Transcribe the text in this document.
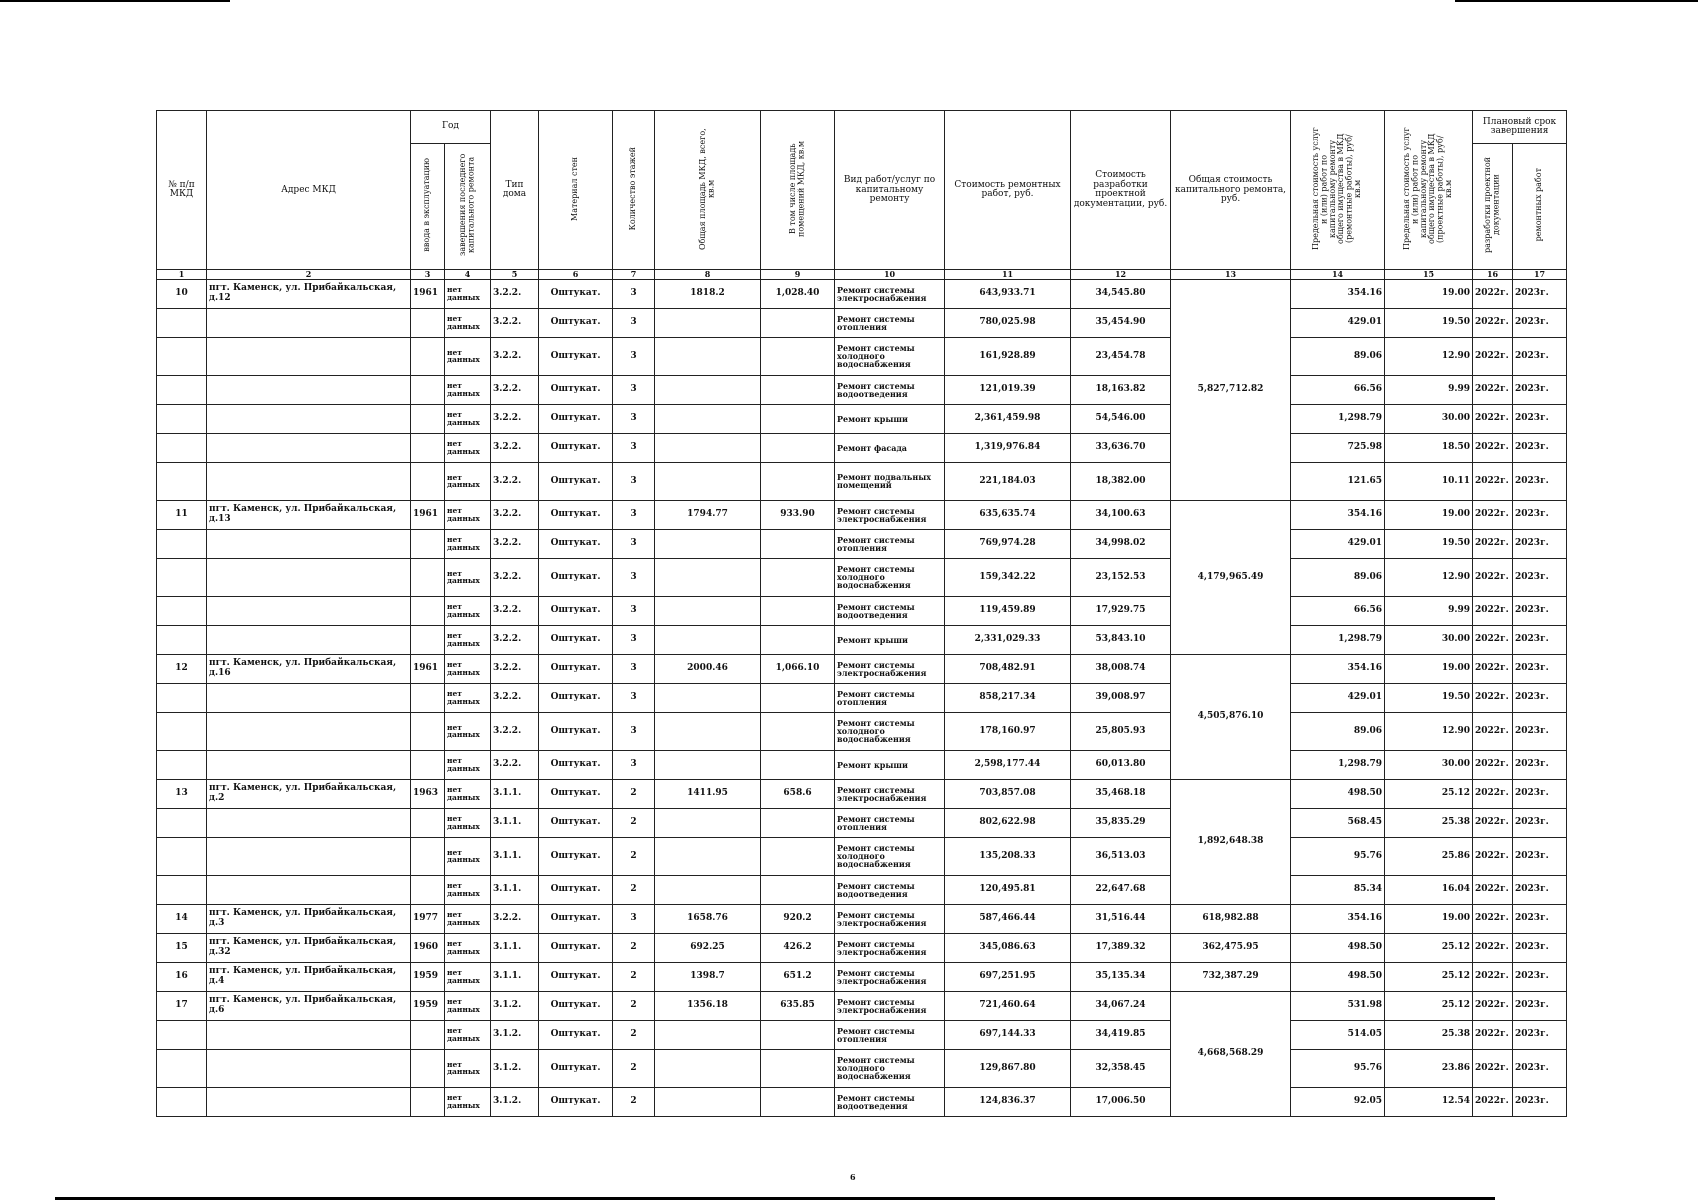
№ п/п МКД	Адрес МКД	Год		Тип дома	Материал стен	Количество этажей	Общая площадь МКД, всего, кв.м	В том числе площадь помещений МКД, кв.м	Вид работ/услуг по капитальному ремонту	Стоимость ремонтных работ, руб.	Стоимость разработки проектной документации, руб.	Общая стоимость капитального ремонта, руб.	Предельная стоимость услуг и (или) работ по капитальному ремонту общего имущества в МКД (ремонтные работы), руб/кв.м	Предельная стоимость услуг и (или) работ по капитальному ремонту общего имущества в МКД (проектные работы), руб/кв.м	Плановый срок завершения	
		ввода в эксплуатацию	завершения последнего капитального ремонта												разработки проектной документации	ремонтных работ
1	2	3	4	5	6	7	8	9	10	11	12	13	14	15	16	17
10	пгт. Каменск, ул. Прибайкальская, д.12	1961	нет данных	3.2.2.	Оштукат.	3	1818.2	1,028.40	Ремонт системы электроснабжения	643,933.71	34,545.80	5,827,712.82	354.16	19.00	2022г.	2023г.
			нет данных	3.2.2.	Оштукат.	3			Ремонт системы отопления	780,025.98	35,454.90		429.01	19.50	2022г.	2023г.
			нет данных	3.2.2.	Оштукат.	3			Ремонт системы холодного водоснабжения	161,928.89	23,454.78		89.06	12.90	2022г.	2023г.
			нет данных	3.2.2.	Оштукат.	3			Ремонт системы водоотведения	121,019.39	18,163.82		66.56	9.99	2022г.	2023г.
			нет данных	3.2.2.	Оштукат.	3			Ремонт крыши	2,361,459.98	54,546.00		1,298.79	30.00	2022г.	2023г.
			нет данных	3.2.2.	Оштукат.	3			Ремонт фасада	1,319,976.84	33,636.70		725.98	18.50	2022г.	2023г.
			нет данных	3.2.2.	Оштукат.	3			Ремонт подвальных помещений	221,184.03	18,382.00		121.65	10.11	2022г.	2023г.
11	пгт. Каменск, ул. Прибайкальская, д.13	1961	нет данных	3.2.2.	Оштукат.	3	1794.77	933.90	Ремонт системы электроснабжения	635,635.74	34,100.63	4,179,965.49	354.16	19.00	2022г.	2023г.
			нет данных	3.2.2.	Оштукат.	3			Ремонт системы отопления	769,974.28	34,998.02		429.01	19.50	2022г.	2023г.
			нет данных	3.2.2.	Оштукат.	3			Ремонт системы холодного водоснабжения	159,342.22	23,152.53		89.06	12.90	2022г.	2023г.
			нет данных	3.2.2.	Оштукат.	3			Ремонт системы водоотведения	119,459.89	17,929.75		66.56	9.99	2022г.	2023г.
			нет данных	3.2.2.	Оштукат.	3			Ремонт крыши	2,331,029.33	53,843.10		1,298.79	30.00	2022г.	2023г.
12	пгт. Каменск, ул. Прибайкальская, д.16	1961	нет данных	3.2.2.	Оштукат.	3	2000.46	1,066.10	Ремонт системы электроснабжения	708,482.91	38,008.74	4,505,876.10	354.16	19.00	2022г.	2023г.
			нет данных	3.2.2.	Оштукат.	3			Ремонт системы отопления	858,217.34	39,008.97		429.01	19.50	2022г.	2023г.
			нет данных	3.2.2.	Оштукат.	3			Ремонт системы холодного водоснабжения	178,160.97	25,805.93		89.06	12.90	2022г.	2023г.
			нет данных	3.2.2.	Оштукат.	3			Ремонт крыши	2,598,177.44	60,013.80		1,298.79	30.00	2022г.	2023г.
13	пгт. Каменск, ул. Прибайкальская, д.2	1963	нет данных	3.1.1.	Оштукат.	2	1411.95	658.6	Ремонт системы электроснабжения	703,857.08	35,468.18	1,892,648.38	498.50	25.12	2022г.	2023г.
			нет данных	3.1.1.	Оштукат.	2			Ремонт системы отопления	802,622.98	35,835.29		568.45	25.38	2022г.	2023г.
			нет данных	3.1.1.	Оштукат.	2			Ремонт системы холодного водоснабжения	135,208.33	36,513.03		95.76	25.86	2022г.	2023г.
			нет данных	3.1.1.	Оштукат.	2			Ремонт системы водоотведения	120,495.81	22,647.68		85.34	16.04	2022г.	2023г.
14	пгт. Каменск, ул. Прибайкальская, д.3	1977	нет данных	3.2.2.	Оштукат.	3	1658.76	920.2	Ремонт системы электроснабжения	587,466.44	31,516.44	618,982.88	354.16	19.00	2022г.	2023г.
15	пгт. Каменск, ул. Прибайкальская, д.32	1960	нет данных	3.1.1.	Оштукат.	2	692.25	426.2	Ремонт системы электроснабжения	345,086.63	17,389.32	362,475.95	498.50	25.12	2022г.	2023г.
16	пгт. Каменск, ул. Прибайкальская, д.4	1959	нет данных	3.1.1.	Оштукат.	2	1398.7	651.2	Ремонт системы электроснабжения	697,251.95	35,135.34	732,387.29	498.50	25.12	2022г.	2023г.
17	пгт. Каменск, ул. Прибайкальская, д.6	1959	нет данных	3.1.2.	Оштукат.	2	1356.18	635.85	Ремонт системы электроснабжения	721,460.64	34,067.24	4,668,568.29	531.98	25.12	2022г.	2023г.
			нет данных	3.1.2.	Оштукат.	2			Ремонт системы отопления	697,144.33	34,419.85		514.05	25.38	2022г.	2023г.
			нет данных	3.1.2.	Оштукат.	2			Ремонт системы холодного водоснабжения	129,867.80	32,358.45		95.76	23.86	2022г.	2023г.
			нет данных	3.1.2.	Оштукат.	2			Ремонт системы водоотведения	124,836.37	17,006.50		92.05	12.54	2022г.	2023г.
6
